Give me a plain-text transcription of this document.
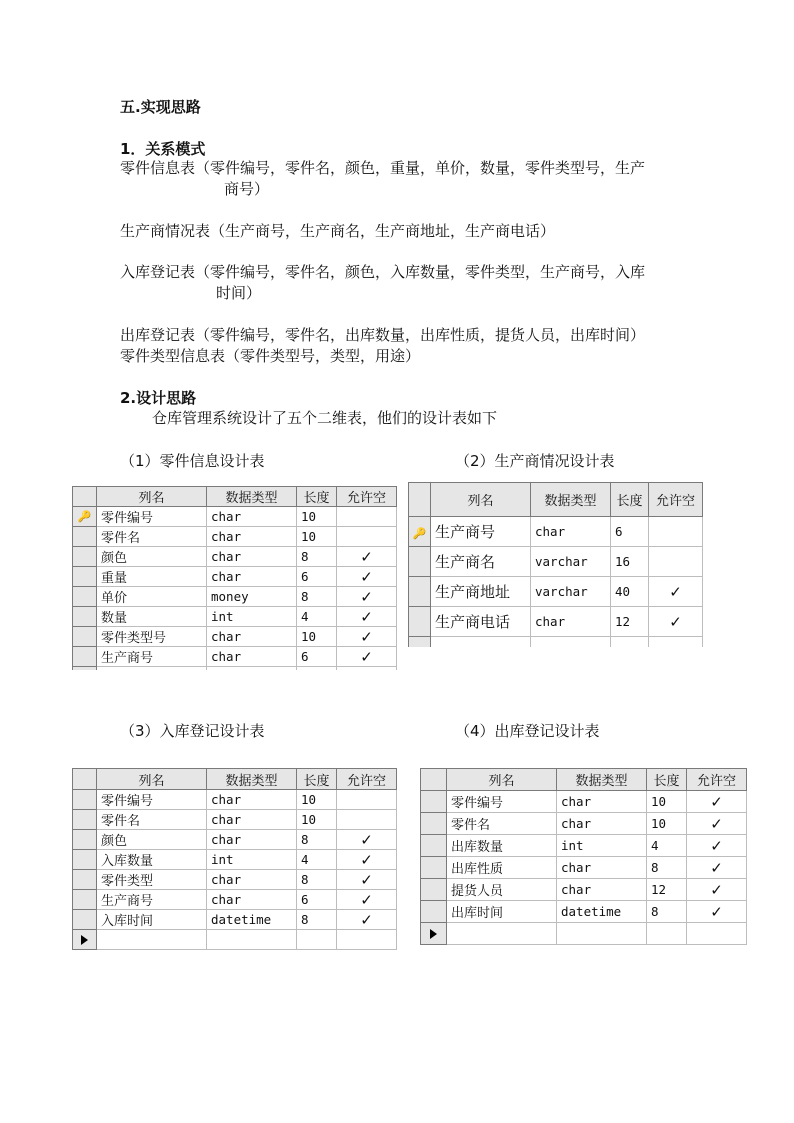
五.实现思路
1．关系模式
零件信息表（零件编号，零件名，颜色，重量，单价，数量，零件类型号，生产
商号）
生产商情况表（生产商号，生产商名，生产商地址，生产商电话）
入库登记表（零件编号，零件名，颜色，入库数量，零件类型，生产商号，入库
时间）
出库登记表（零件编号，零件名，出库数量，出库性质，提货人员，出库时间）
零件类型信息表（零件类型号，类型，用途）
2.设计思路
仓库管理系统设计了五个二维表，他们的设计表如下
（1）零件信息设计表	（2）生产商情况设计表
（3）入库登记设计表	（4）出库登记设计表
	列名	数据类型	长度	允许空
🔑	零件编号	char	10	
	零件名	char	10	
	颜色	char	8	✓
	重量	char	6	✓
	单价	money	8	✓
	数量	int	4	✓
	零件类型号	char	10	✓
	生产商号	char	6	✓

	列名	数据类型	长度	允许空
🔑	生产商号	char	6	
	生产商名	varchar	16	
	生产商地址	varchar	40	✓
	生产商电话	char	12	✓

	列名	数据类型	长度	允许空
	零件编号	char	10	
	零件名	char	10	
	颜色	char	8	✓
	入库数量	int	4	✓
	零件类型	char	8	✓
	生产商号	char	6	✓
	入库时间	datetime	8	✓

	列名	数据类型	长度	允许空
	零件编号	char	10	✓
	零件名	char	10	✓
	出库数量	int	4	✓
	出库性质	char	8	✓
	提货人员	char	12	✓
	出库时间	datetime	8	✓
